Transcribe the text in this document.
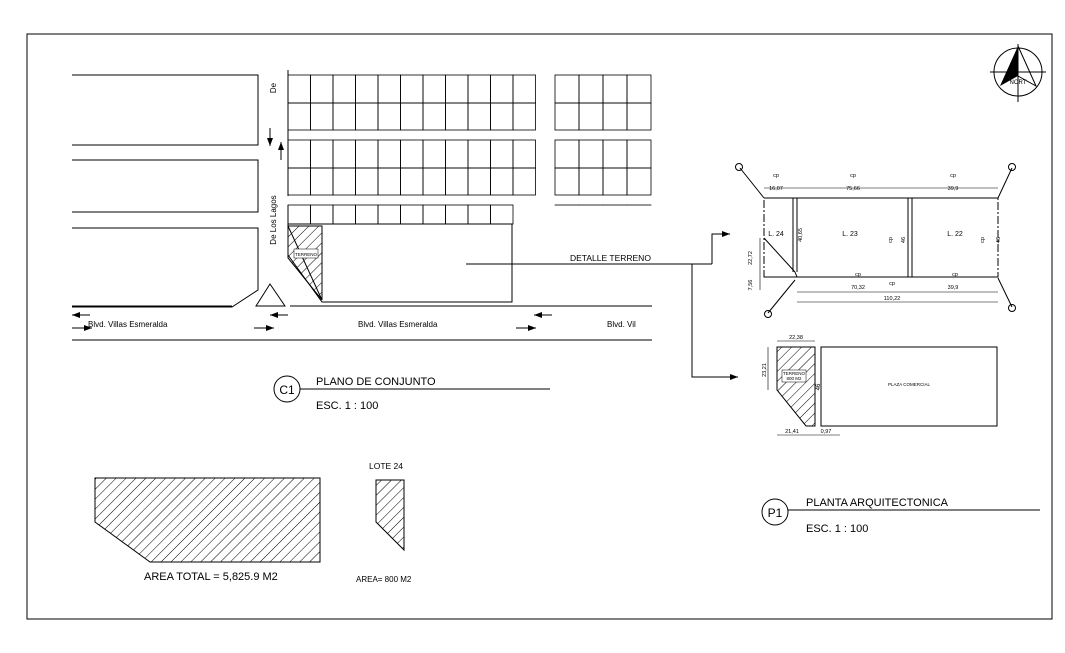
NORT
TERRENO
De
De Los Lagos
Blvd. Villas Esmeralda	Blvd. Villas Esmeralda	Blvd. Vil
DETALLE TERRENO
C1
PLANO DE CONJUNTO
ESC. 1 : 100
AREA TOTAL = 5,825.9 M2
LOTE 24
AREA= 800 M2
cp	cp	cp
16,07	75,66	39,9
L. 24	L. 23	L. 22
40,65	46	46
cp	cp
cp	cp
cp
70,32	39,9
110,22
22,72
7,56
TERRENO
800 M2
22,38
23,21
46	PLAZA COMERCIAL
21,41	0,97
P1
PLANTA ARQUITECTONICA
ESC. 1 : 100
